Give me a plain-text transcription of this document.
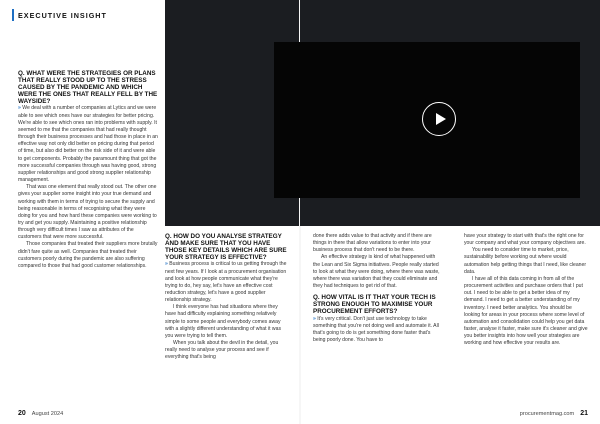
EXECUTIVE INSIGHT

Q. WHAT WERE THE STRATEGIES OR PLANS THAT REALLY STOOD UP TO THE STRESS CAUSED BY THE PANDEMIC AND WHICH WERE THE ONES THAT REALLY FELL BY THE WAYSIDE?

» We deal with a number of companies at Lytics and we were able to see which ones have our strategies for better pricing. We're able to see which ones ran into problems with supply. It seemed to me that the companies that had really thought through their business processes and had those in place in an effective way not only did better on pricing during that period of time, but also did better on the risk side of it and were able to get components. Probably the paramount thing that got the more successful companies through was having good, strong supplier relationships and good strong supplier relationship management.

That was one element that really stood out. The other one gives your supplier some insight into your true demand and working with them in terms of trying to secure the supply and being reasonable in terms of recognising what they were doing for you and how hard these companies were working to try and get you supply. Maintaining a positive relationship through very difficult times I saw as attributes of the customers that were more successful.

Those companies that treated their suppliers more brutally didn't fare quite as well. Companies that treated their customers poorly during the pandemic are also suffering compared to those that had good customer relationships.

Q. HOW DO YOU ANALYSE STRATEGY AND MAKE SURE THAT YOU HAVE THOSE KEY DETAILS WHICH ARE SURE YOUR STRATEGY IS EFFECTIVE?

» Business process is critical to us getting through the next few years. If I look at a procurement organisation and look at how people communicate what they're trying to do, hey say, let's have an effective cost reduction strategy, let's have a good supplier relationship strategy.

I think everyone has had situations where they have had difficulty explaining something relatively simple to some people and everybody comes away with a slightly different understanding of what it was you were trying to tell them.

When you talk about the devil in the detail, you really need to analyse your process and see if everything that's being

20 August 2024

done there adds value to that activity and if there are things in there that allow variations to enter into your business process that don't need to be there.

An effective strategy is kind of what happened with the Lean and Six Sigma initiatives. People really started to look at what they were doing, where there was waste, where there was variation that they could eliminate and they had techniques to get rid of that.

Q. HOW VITAL IS IT THAT YOUR TECH IS STRONG ENOUGH TO MAXIMISE YOUR PROCUREMENT EFFORTS?

» It's very critical. Don't just use technology to take something that you're not doing well and automate it. All that's going to do is get something done faster that's being poorly done. You have to

have your strategy to start with that's the right one for your company and what your company objectives are.

You need to consider time to market, price, sustainability before working out where would automation help getting things that I need, like cleaner data.

I have all of this data coming in from all of the procurement activities and purchase orders that I put out. I need to be able to get a better idea of my demand. I need to get a better understanding of my inventory. I need better analytics. You should be looking for areas in your process where some level of automation and consolidation could help you get data faster, analyse it faster, make sure it's cleaner and give you better insights into how well your strategies are working and how effective your results are.

procurementmag.com 21
